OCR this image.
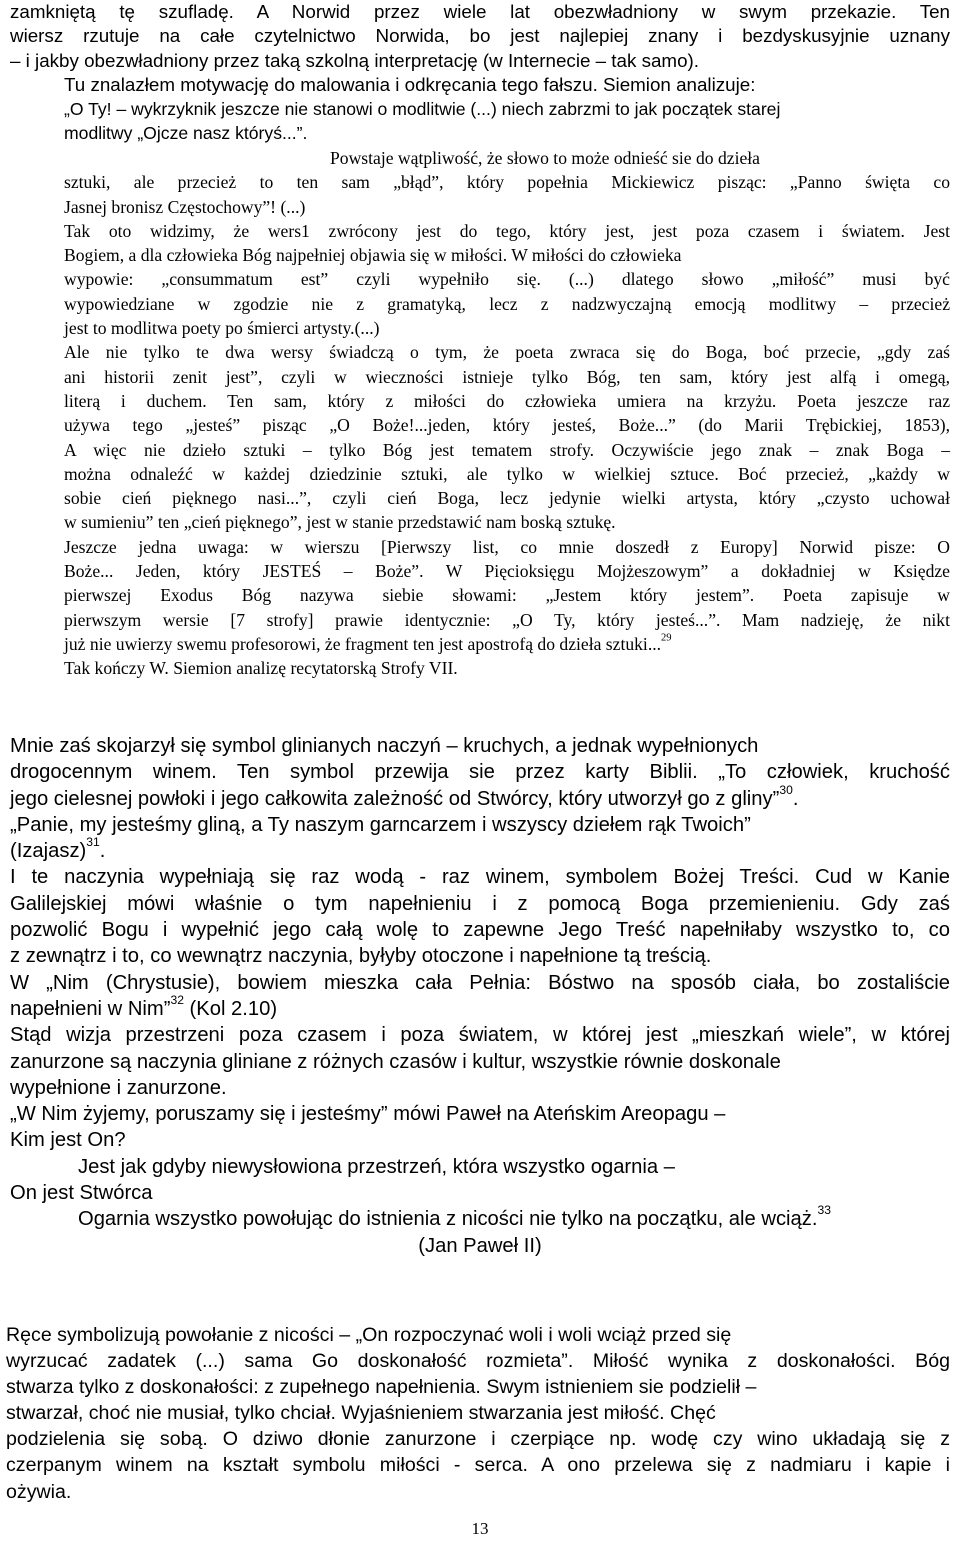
zamkniętą tę szufladę. A Norwid przez wiele lat obezwładniony w swym przekazie. Ten
wiersz rzutuje na całe czytelnictwo Norwida, bo jest najlepiej znany i bezdyskusyjnie uznany
– i jakby obezwładniony przez taką szkolną interpretację (w Internecie – tak samo).
Tu znalazłem motywację do malowania i odkręcania tego fałszu. Siemion analizuje:
„O Ty! – wykrzyknik jeszcze nie stanowi o modlitwie (...) niech zabrzmi to jak początek starej
modlitwy „Ojcze nasz któryś...”.
Powstaje wątpliwość, że słowo to może odnieść sie do dzieła
sztuki, ale przecież to ten sam „błąd”, który popełnia Mickiewicz pisząc: „Panno święta co
Jasnej bronisz Częstochowy”! (...)
Tak oto widzimy, że wers1 zwrócony jest do tego, który jest, jest poza czasem i światem. Jest
Bogiem, a dla człowieka Bóg najpełniej objawia się w miłości. W miłości do człowieka
wypowie: „consummatum est” czyli wypełniło się. (...) dlatego słowo „miłość” musi być
wypowiedziane w zgodzie nie z gramatyką, lecz z nadzwyczajną emocją modlitwy – przecież
jest to modlitwa poety po śmierci artysty.(...)
Ale nie tylko te dwa wersy świadczą o tym, że poeta zwraca się do Boga, boć przecie, „gdy zaś
ani historii zenit jest”, czyli w wieczności istnieje tylko Bóg, ten sam, który jest alfą i omegą,
literą i duchem. Ten sam, który z miłości do człowieka umiera na krzyżu. Poeta jeszcze raz
używa tego „jesteś” pisząc „O Boże!...jeden, który jesteś, Boże...” (do Marii Trębickiej, 1853),
A więc nie dzieło sztuki – tylko Bóg jest tematem strofy. Oczywiście jego znak – znak Boga –
można odnaleźć w każdej dziedzinie sztuki, ale tylko w wielkiej sztuce. Boć przecież, „każdy w
sobie cień pięknego nasi...”, czyli cień Boga, lecz jedynie wielki artysta, który „czysto uchował
w sumieniu” ten „cień pięknego”, jest w stanie przedstawić nam boską sztukę.
Jeszcze jedna uwaga: w wierszu [Pierwszy list, co mnie doszedł z Europy] Norwid pisze: O
Boże... Jeden, który JESTEŚ – Boże”. W Pięcioksięgu Mojżeszowym” a dokładniej w Księdze
pierwszej Exodus Bóg nazywa siebie słowami: „Jestem który jestem”. Poeta zapisuje w
pierwszym wersie [7 strofy] prawie identycznie: „O Ty, który jesteś...”. Mam nadzieję, że nikt
już nie uwierzy swemu profesorowi, że fragment ten jest apostrofą do dzieła sztuki...$^{29}$
Tak kończy W. Siemion analizę recytatorską Strofy VII.
Mnie zaś skojarzył się symbol glinianych naczyń – kruchych, a jednak wypełnionych
drogocennym winem. Ten symbol przewija sie przez karty Biblii. „To człowiek, kruchość
jego cielesnej powłoki i jego całkowita zależność od Stwórcy, który utworzył go z gliny”$^{30}$.
„Panie, my jesteśmy gliną, a Ty naszym garncarzem i wszyscy dziełem rąk Twoich”
(Izajasz)$^{31}$.
I te naczynia wypełniają się raz wodą - raz winem, symbolem Bożej Treści. Cud w Kanie
Galilejskiej mówi właśnie o tym napełnieniu i z pomocą Boga przemienieniu. Gdy zaś
pozwolić Bogu i wypełnić jego całą wolę to zapewne Jego Treść napełniłaby wszystko to, co
z zewnątrz i to, co wewnątrz naczynia, byłyby otoczone i napełnione tą treścią.
W „Nim (Chrystusie), bowiem mieszka cała Pełnia: Bóstwo na sposób ciała, bo zostaliście
napełnieni w Nim”$^{32}$ (Kol 2.10)
Stąd wizja przestrzeni poza czasem i poza światem, w której jest „mieszkań wiele”, w której
zanurzone są naczynia gliniane z różnych czasów i kultur, wszystkie równie doskonale
wypełnione i zanurzone.
„W Nim żyjemy, poruszamy się i jesteśmy” mówi Paweł na Ateńskim Areopagu –
Kim jest On?
Jest jak gdyby niewysłowiona przestrzeń, która wszystko ogarnia –
On jest Stwórca
Ogarnia wszystko powołując do istnienia z nicości nie tylko na początku, ale wciąż.$^{33}$
(Jan Paweł II)
Ręce symbolizują powołanie z nicości – „On rozpoczynać woli i woli wciąż przed się
wyrzucać zadatek (...) sama Go doskonałość rozmieta”. Miłość wynika z doskonałości. Bóg
stwarza tylko z doskonałości: z zupełnego napełnienia. Swym istnieniem sie podzielił –
stwarzał, choć nie musiał, tylko chciał. Wyjaśnieniem stwarzania jest miłość. Chęć
podzielenia się sobą. O dziwo dłonie zanurzone i czerpiące np. wodę czy wino układają się z
czerpanym winem na kształt symbolu miłości - serca. A ono przelewa się z nadmiaru i kapie i
ożywia.
13
